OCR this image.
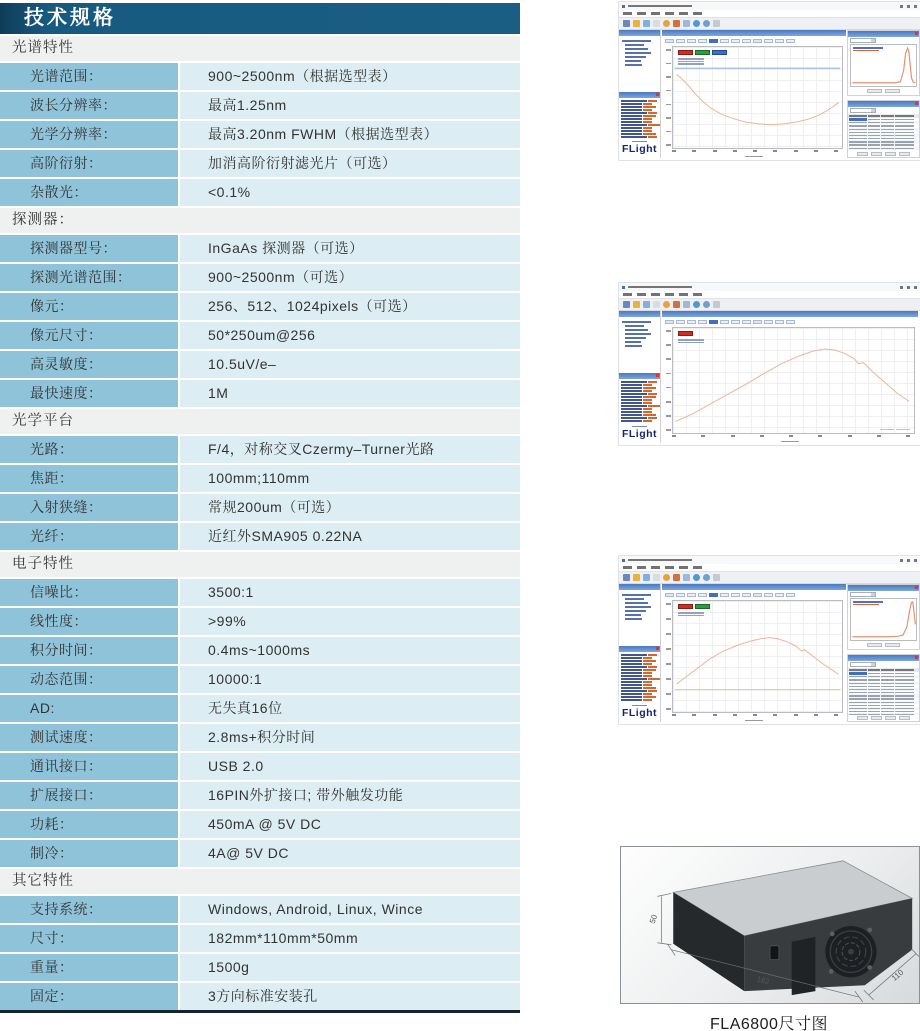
技术规格
光谱特性
光谱范围：	900~2500nm（根据选型表）
波长分辨率：	最高1.25nm
光学分辨率：	最高3.20nm FWHM（根据选型表）
高阶衍射：	加消高阶衍射滤光片（可选）
杂散光：	<0.1%
探测器：
探测器型号：	InGaAs 探测器（可选）
探测光谱范围：	900~2500nm（可选）
像元：	256、512、1024pixels（可选）
像元尺寸：	50*250um@256
高灵敏度：	10.5uV/e–
最快速度：	1M
光学平台
光路：	F/4，对称交叉Czermy–Turner光路
焦距：	100mm;110mm
入射狭缝：	常规200um（可选）
光纤：	近红外SMA905 0.22NA
电子特性
信噪比：	3500:1
线性度：	>99%
积分时间：	0.4ms~1000ms
动态范围：	10000:1
AD:	无失真16位
测试速度：	2.8ms+积分时间
通讯接口：	USB 2.0
扩展接口：	16PIN外扩接口; 带外触发功能
功耗：	450mA @ 5V DC
制冷：	4A@ 5V DC
其它特性
支持系统：	Windows, Android, Linux, Wince
尺寸：	182mm*110mm*50mm
重量：	1500g
固定：	3方向标准安装孔
FLight
FLight
FLight
50
182	110
FLA6800尺寸图
